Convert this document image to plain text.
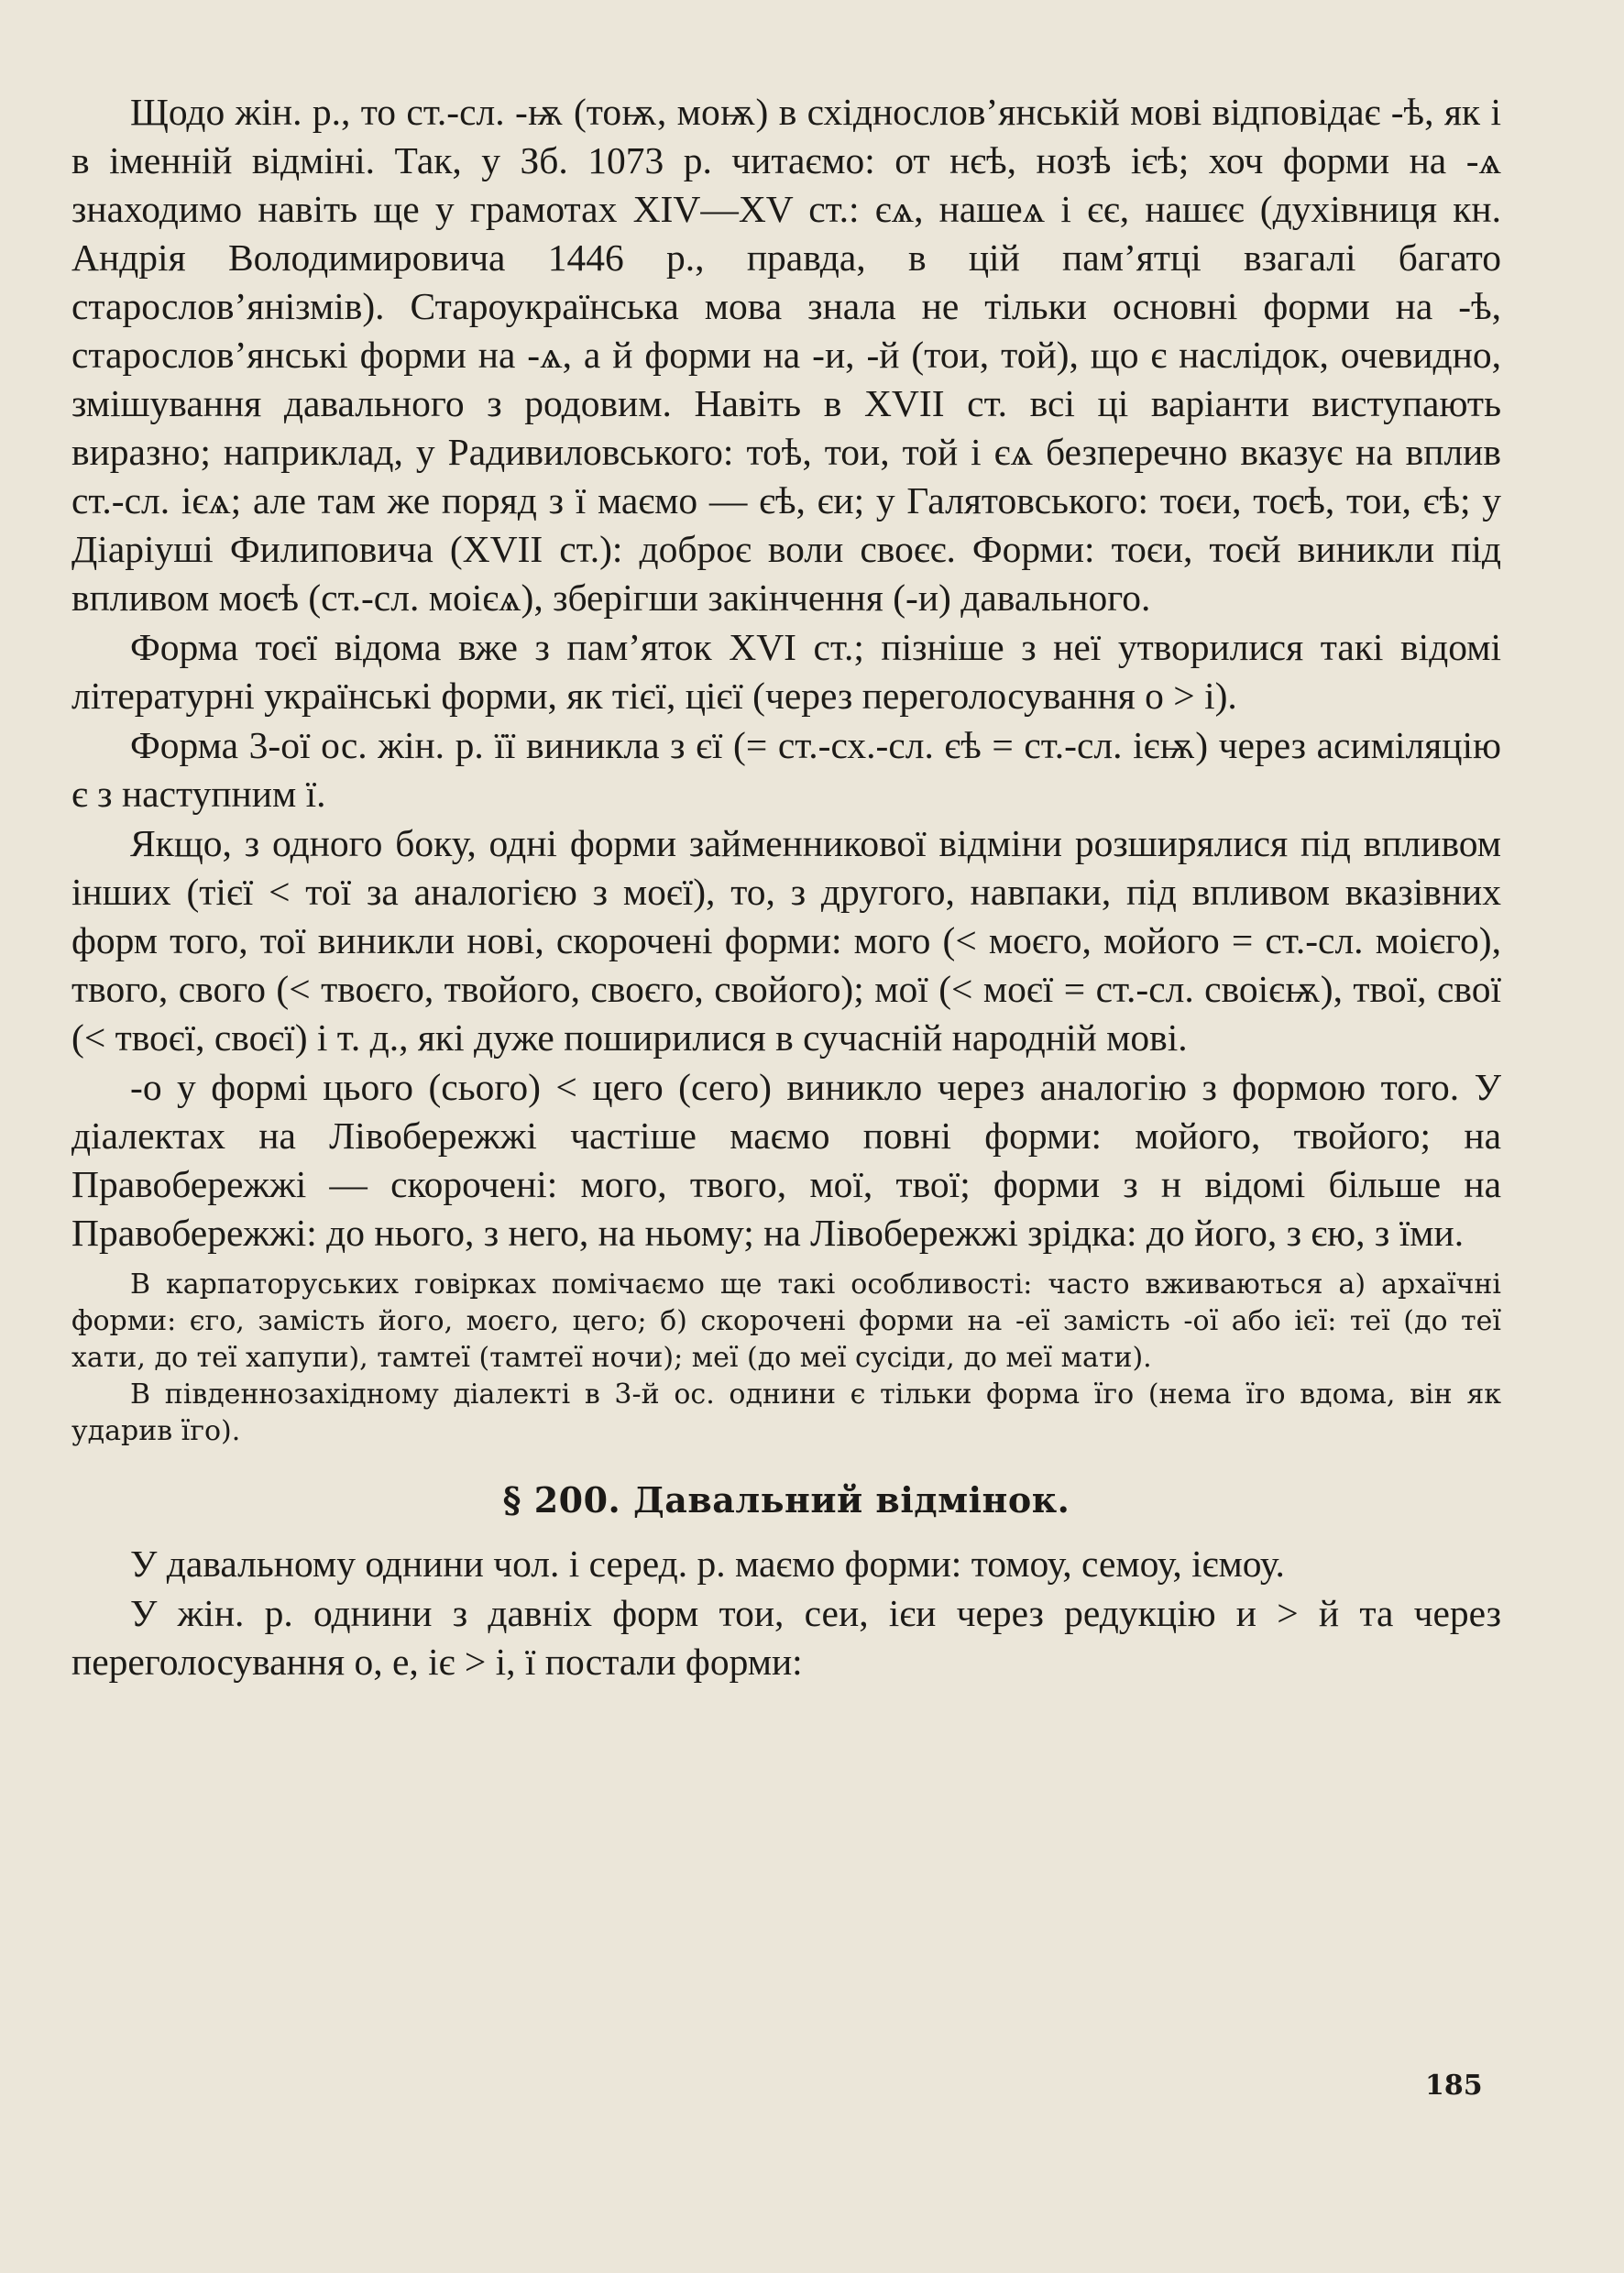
Щодо жін. р., то ст.-сл. -ѭ (тоѭ, моѭ) в східнослов’янській мові відповідає -ѣ, як і в іменній відміні. Так, у Зб. 1073 р. читаємо: от нєѣ, нозѣ ієѣ; хоч форми на -ѧ знаходимо навіть ще у грамотах XIV—XV ст.: єѧ, нашеѧ і єє, нашєє (духівниця кн. Андрія Володимировича 1446 р., правда, в цій пам’ятці взагалі багато старослов’янізмів). Староукраїнська мова знала не тільки основні форми на -ѣ, старослов’янські форми на -ѧ, а й форми на -и, -й (тои, той), що є наслідок, очевидно, змішування давального з родовим. Навіть в XVII ст. всі ці варіанти виступають виразно; наприклад, у Радивиловського: тоѣ, тои, той і єѧ безперечно вказує на вплив ст.-сл. ієѧ; але там же поряд з ї маємо — єѣ, єи; у Галятовського: тоєи, тоєѣ, тои, єѣ; у Діаріуші Филиповича (XVII ст.): доброє воли своєє. Форми: тоєи, тоєй виникли під впливом моєѣ (ст.-сл. моієѧ), зберігши закінчення (-и) давального.

Форма тоєї відома вже з пам’яток XVI ст.; пізніше з неї утворилися такі відомі літературні українські форми, як тієї, цієї (через переголосування о > і).

Форма 3-ої ос. жін. р. її виникла з єї (= ст.-сх.-сл. єѣ = ст.-сл. ієѭ) через асиміляцію є з наступним ї.

Якщо, з одного боку, одні форми займенникової відміни розширялися під впливом інших (тієї < тої за аналогією з моєї), то, з другого, навпаки, під впливом вказівних форм того, тої виникли нові, скорочені форми: мого (< моєго, мойого = ст.-сл. моієго), твого, свого (< твоєго, твойого, своєго, свойого); мої (< моєї = ст.-сл. своієѭ), твої, свої (< твоєї, своєї) і т. д., які дуже поширилися в сучасній народній мові.

-о у формі цього (сього) < цего (сего) виникло через аналогію з формою того. У діалектах на Лівобережжі частіше маємо повні форми: мойого, твойого; на Правобережжі — скорочені: мого, твого, мої, твої; форми з н відомі більше на Правобережжі: до нього, з него, на ньому; на Лівобережжі зрідка: до його, з єю, з їми.

В карпаторуських говірках помічаємо ще такі особливості: часто вживаються а) архаїчні форми: єго, замість його, моєго, цего; б) скорочені форми на -еї замість -ої або ієї: теї (до теї хати, до теї хапупи), тамтеї (тамтеї ночи); меї (до меї сусіди, до меї мати).

В південнозахідному діалекті в 3-й ос. однини є тільки форма їго (нема їго вдома, він як ударив їго).

§ 200. Давальний відмінок.

У давальному однини чол. і серед. р. маємо форми: томоу, семоу, іємоу.

У жін. р. однини з давніх форм тои, сеи, ієи через редукцію и > й та через переголосування о, е, іє > і, ї постали форми:

185
